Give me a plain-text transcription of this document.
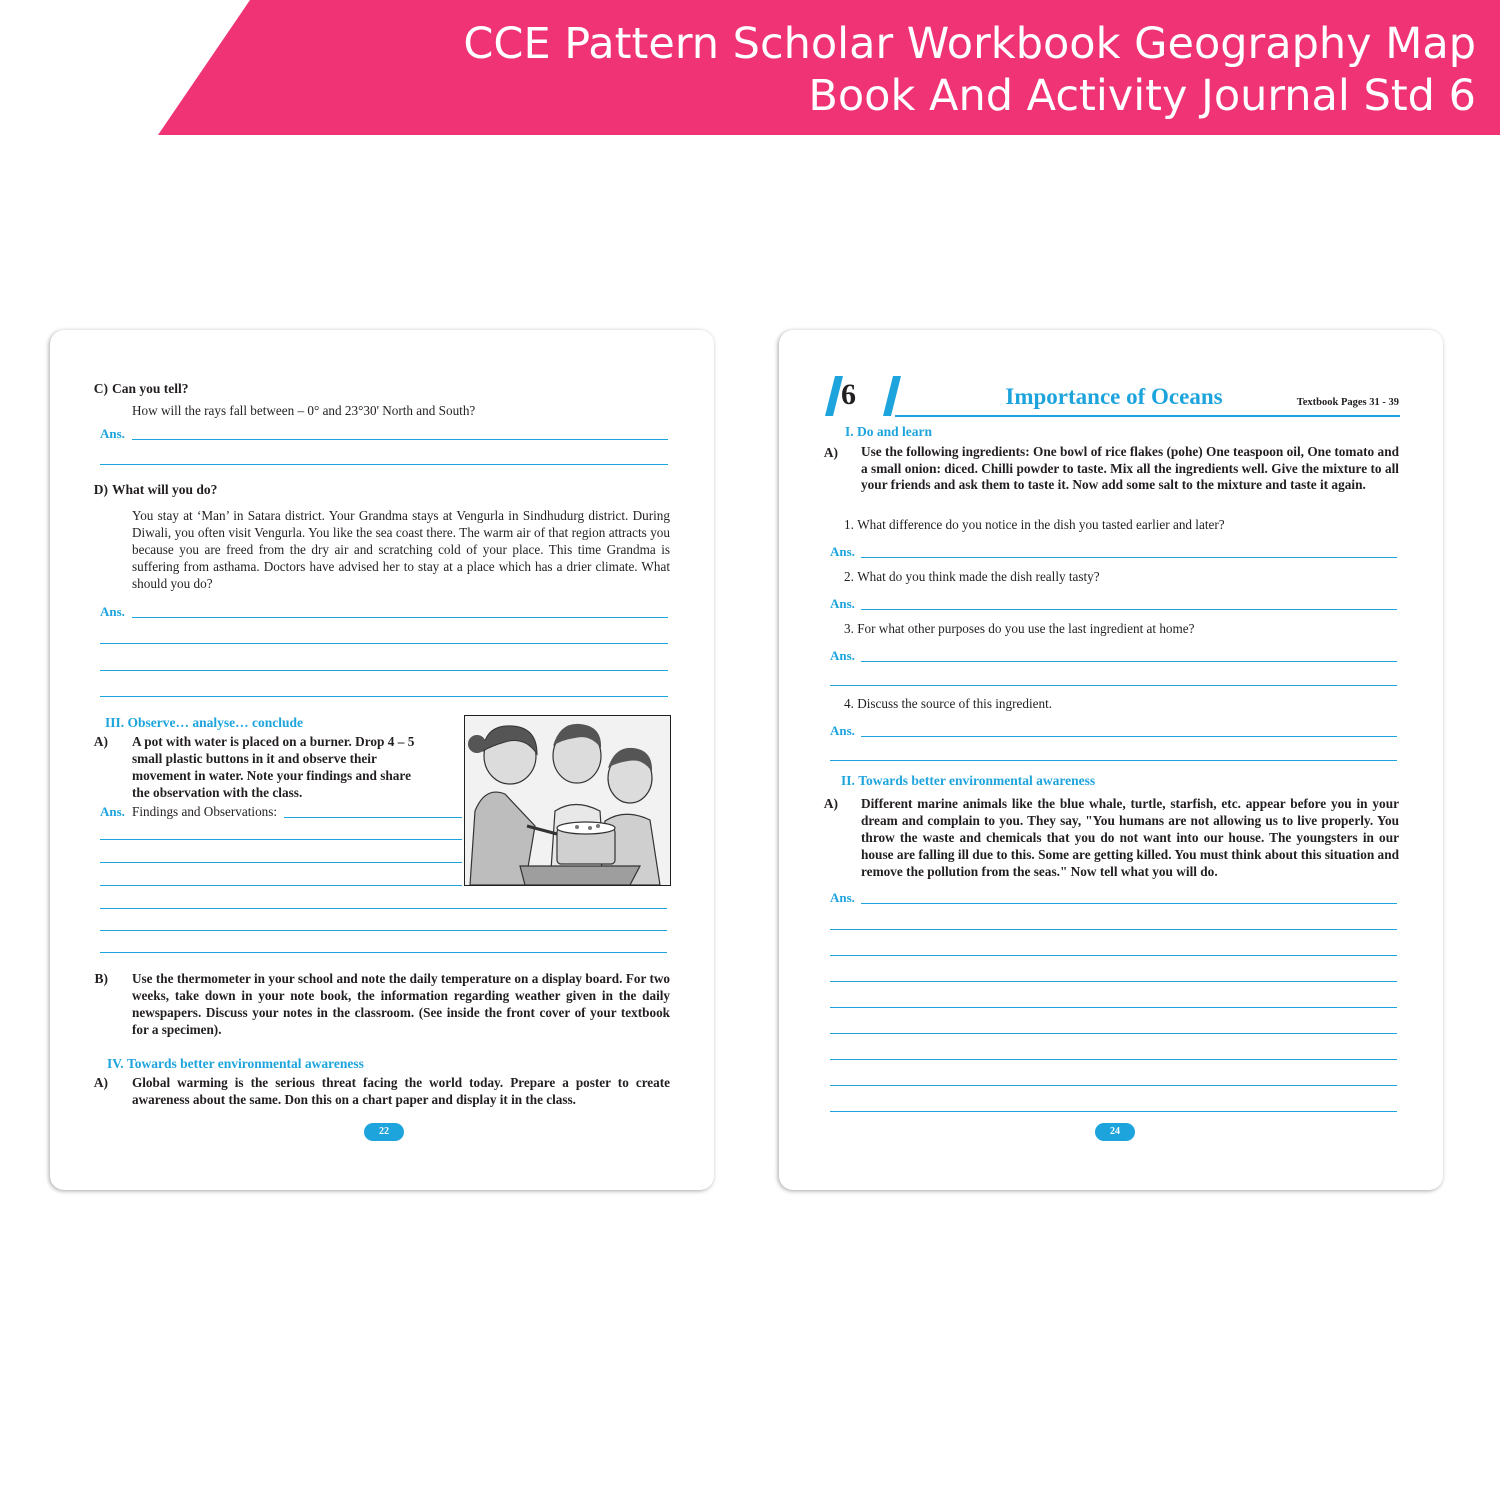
CCE Pattern Scholar Workbook Geography Map
Book And Activity Journal Std 6
C) Can you tell?
How will the rays fall between – 0° and 23°30' North and South?
Ans.
D) What will you do?
You stay at ‘Man’ in Satara district. Your Grandma stays at Vengurla in Sindhudurg district. During Diwali, you often visit Vengurla. You like the sea coast there. The warm air of that region attracts you because you are freed from the dry air and scratching cold of your place. This time Grandma is suffering from asthama. Doctors have advised her to stay at a place which has a drier climate. What should you do?
Ans.
III. Observe… analyse… conclude
A)	A pot with water is placed on a burner. Drop 4 – 5 small plastic buttons in it and observe their movement in water. Note your findings and share the observation with the class.
Ans. Findings and Observations:
B)	Use the thermometer in your school and note the daily temperature on a display board. For two weeks, take down in your note book, the information regarding weather given in the daily newspapers. Discuss your notes in the classroom. (See inside the front cover of your textbook for a specimen).
IV. Towards better environmental awareness
A)	Global warming is the serious threat facing the world today. Prepare a poster to create awareness about the same. Don this on a chart paper and display it in the class.
22
6	Importance of Oceans	Textbook Pages 31 - 39
I. Do and learn
A)	Use the following ingredients: One bowl of rice flakes (pohe) One teaspoon oil, One tomato and a small onion: diced. Chilli powder to taste. Mix all the ingredients well. Give the mixture to all your friends and ask them to taste it. Now add some salt to the mixture and taste it again.
1. What difference do you notice in the dish you tasted earlier and later?
Ans.
2. What do you think made the dish really tasty?
Ans.
3. For what other purposes do you use the last ingredient at home?
Ans.
4. Discuss the source of this ingredient.
Ans.
II. Towards better environmental awareness
A)	Different marine animals like the blue whale, turtle, starfish, etc. appear before you in your dream and complain to you. They say, "You humans are not allowing us to live properly. You throw the waste and chemicals that you do not want into our house. The youngsters in our house are falling ill due to this. Some are getting killed. You must think about this situation and remove the pollution from the seas." Now tell what you will do.
Ans.
24
